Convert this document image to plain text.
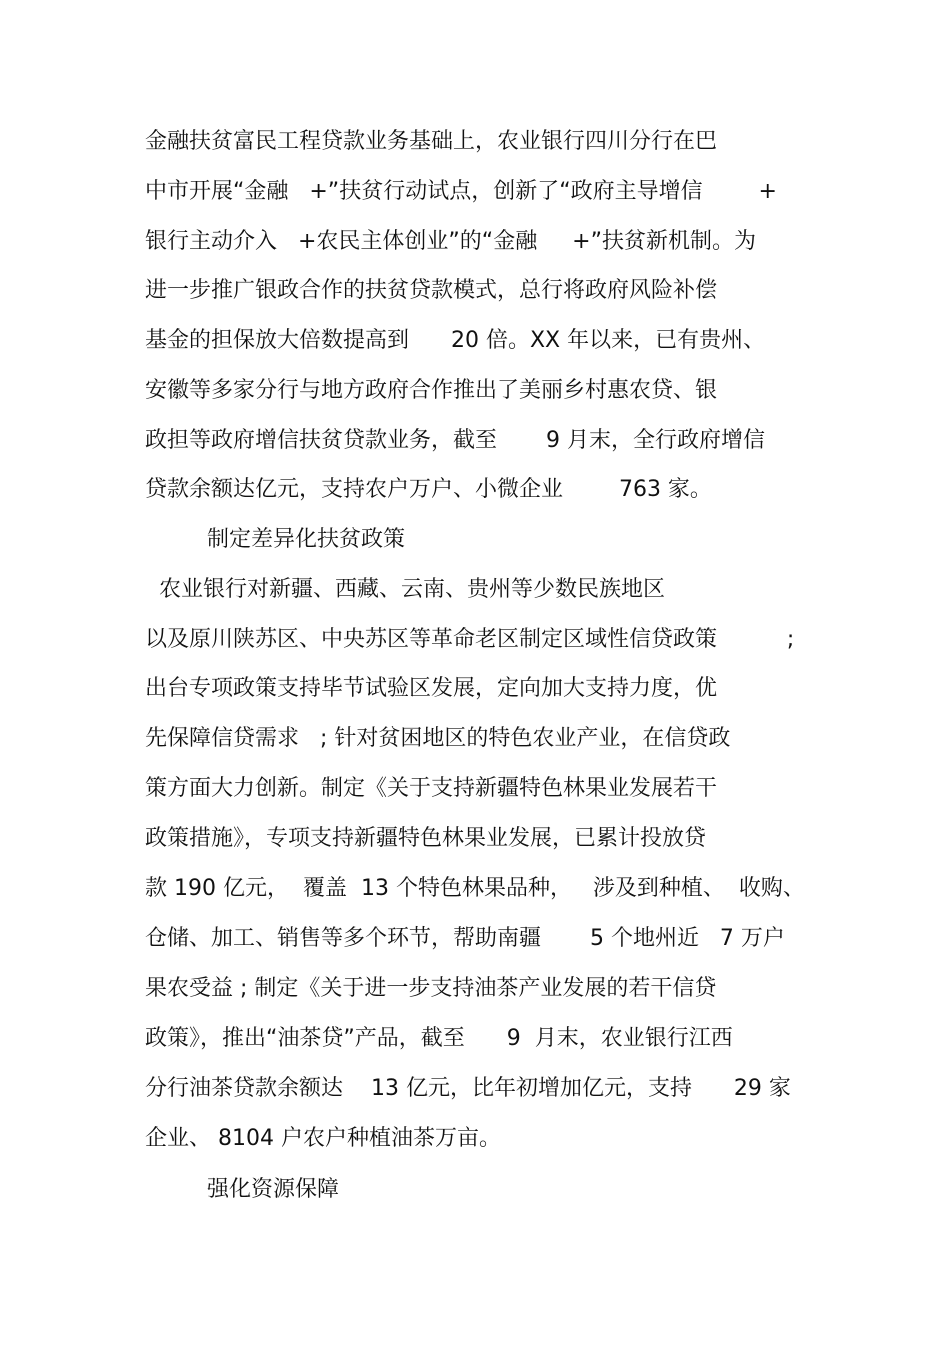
金融扶贫富民工程贷款业务基础上，农业银行四川分行在巴
中市开展“金融   +”扶贫行动试点，创新了“政府主导增信        +
银行主动介入   +农民主体创业”的“金融     +”扶贫新机制。为
进一步推广银政合作的扶贫贷款模式，总行将政府风险补偿
基金的担保放大倍数提高到      20 倍。XX 年以来，已有贵州、
安徽等多家分行与地方政府合作推出了美丽乡村惠农贷、银
政担等政府增信扶贫贷款业务，截至       9 月末，全行政府增信
贷款余额达亿元，支持农户万户、小微企业        763 家。
制定差异化扶贫政策
农业银行对新疆、西藏、云南、贵州等少数民族地区
以及原川陕苏区、中央苏区等革命老区制定区域性信贷政策          ;
出台专项政策支持毕节试验区发展，定向加大支持力度，优
先保障信贷需求   ; 针对贫困地区的特色农业产业，在信贷政
策方面大力创新。制定《关于支持新疆特色林果业发展若干
政策措施》，专项支持新疆特色林果业发展，已累计投放贷
款 190 亿元，  覆盖  13 个特色林果品种，   涉及到种植、  收购、
仓储、加工、销售等多个环节，帮助南疆       5 个地州近   7 万户
果农受益 ; 制定《关于进一步支持油茶产业发展的若干信贷
政策》，推出“油茶贷”产品，截至      9  月末，农业银行江西
分行油茶贷款余额达    13 亿元，比年初增加亿元，支持      29 家
企业、 8104 户农户种植油茶万亩。
强化资源保障
